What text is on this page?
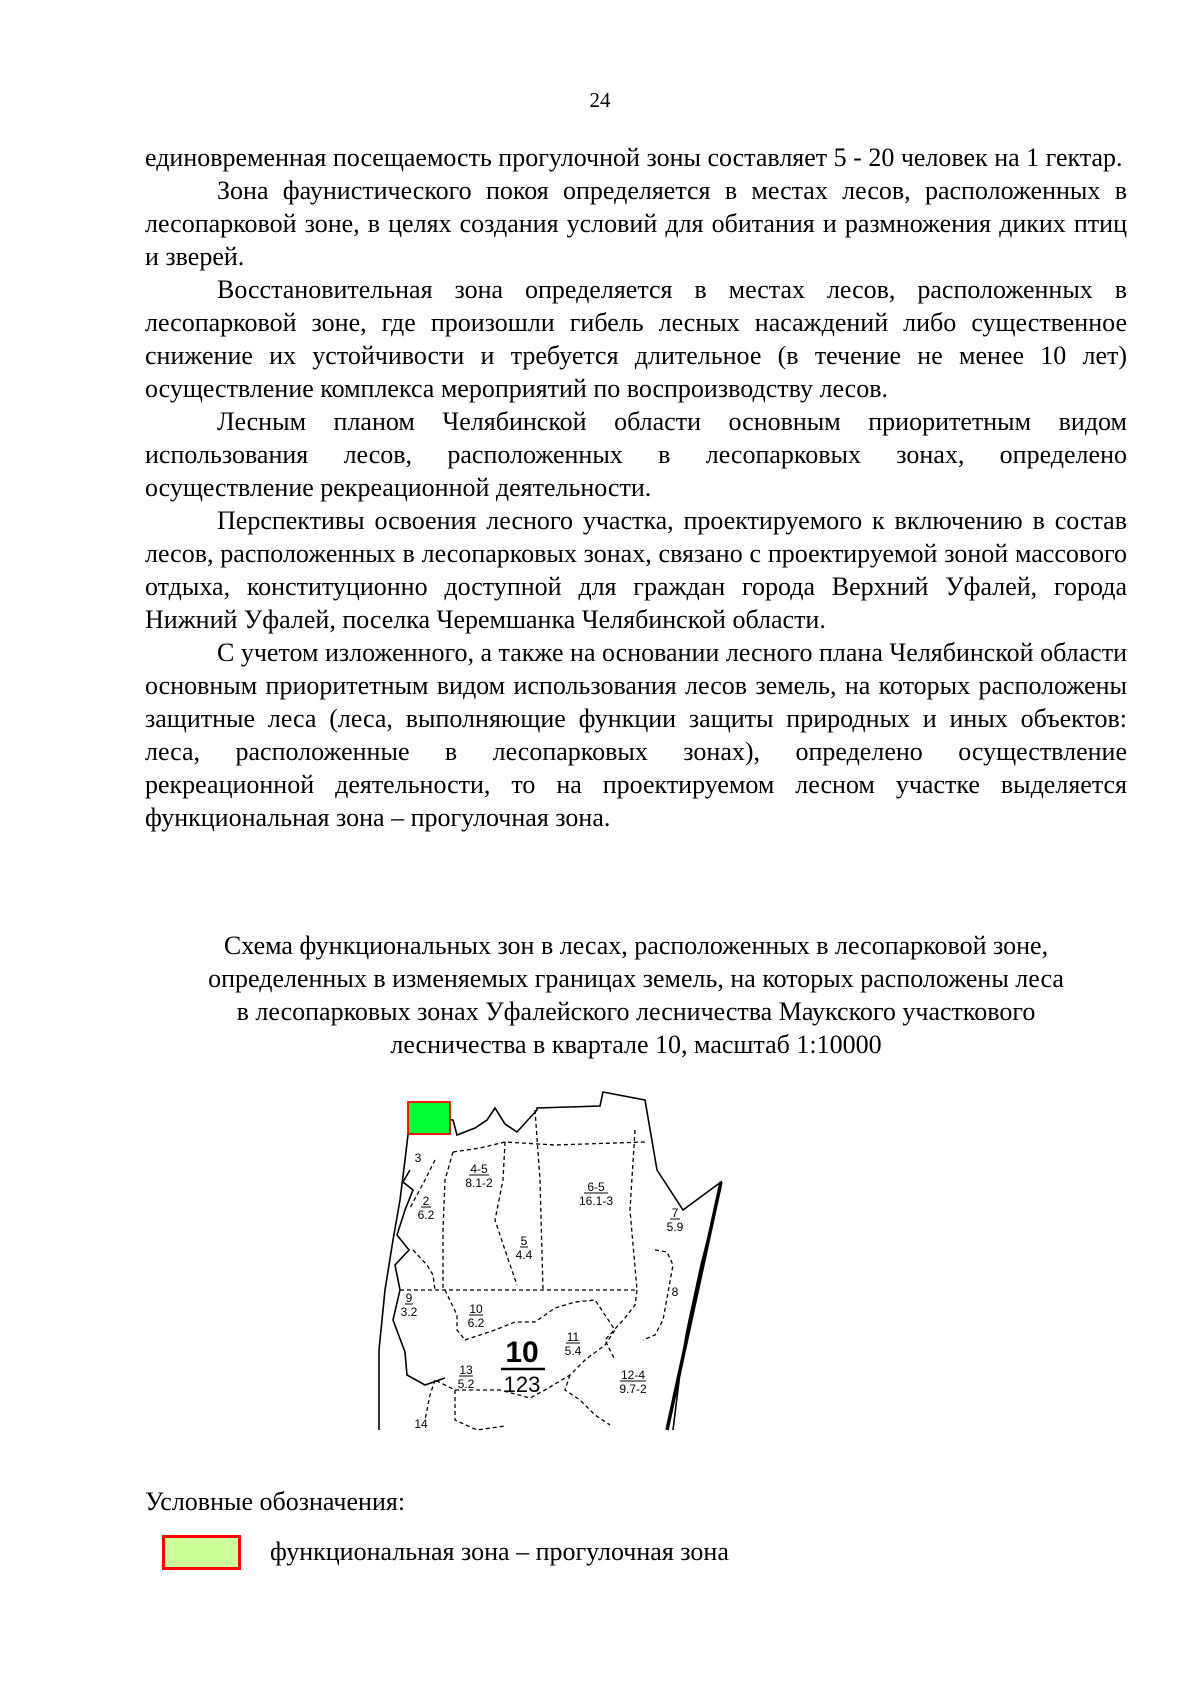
24

единовременная посещаемость прогулочной зоны составляет 5 - 20 человек на 1 гектар.

Зона фаунистического покоя определяется в местах лесов, расположенных в лесопарковой зоне, в целях создания условий для обитания и размножения диких птиц и зверей.

Восстановительная зона определяется в местах лесов, расположенных в лесопарковой зоне, где произошли гибель лесных насаждений либо существенное снижение их устойчивости и требуется длительное (в течение не менее 10 лет) осуществление комплекса мероприятий по воспроизводству лесов.

Лесным планом Челябинской области основным приоритетным видом использования лесов, расположенных в лесопарковых зонах, определено осуществление рекреационной деятельности.

Перспективы освоения лесного участка, проектируемого к включению в состав лесов, расположенных в лесопарковых зонах, связано с проектируемой зоной массового отдыха, конституционно доступной для граждан города Верхний Уфалей, города Нижний Уфалей, поселка Черемшанка Челябинской области.

С учетом изложенного, а также на основании лесного плана Челябинской области основным приоритетным видом использования лесов земель, на которых расположены защитные леса (леса, выполняющие функции защиты природных и иных объектов: леса, расположенные в лесопарковых зонах), определено осуществление рекреационной деятельности, то на проектируемом лесном участке выделяется функциональная зона – прогулочная зона.

Схема функциональных зон в лесах, расположенных в лесопарковой зоне,
определенных в изменяемых границах земель, на которых расположены леса
в лесопарковых зонах Уфалейского лесничества Маукского участкового
лесничества в квартале 10, масштаб 1:10000
3
2
6.2
4-5
8.1-2	6-5
16.1-3
7
5.9
5
4.4
8
9
3.2	10
6.2
11
5.4
13
5.2
12-4
9.7-2
14
10
123
Условные обозначения:
функциональная зона – прогулочная зона
